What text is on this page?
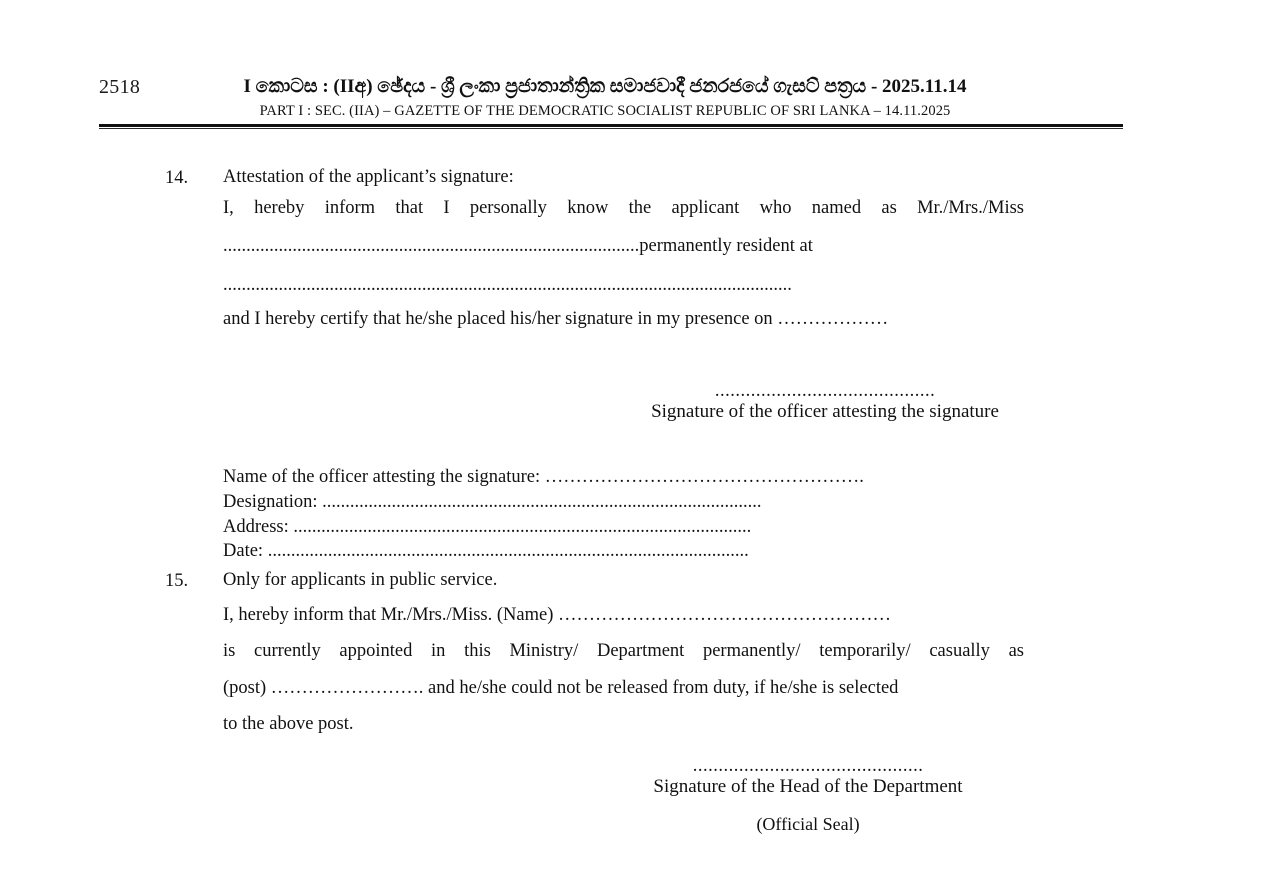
2518	I කොටස : (IIඅ) ඡේදය - ශ්‍රී ලංකා ප්‍රජාතාන්ත්‍රික සමාජවාදී ජනරජයේ ගැසට් පත්‍රය - 2025.11.14
PART I : SEC. (IIA) – GAZETTE OF THE DEMOCRATIC SOCIALIST REPUBLIC OF SRI LANKA – 14.11.2025
14. Attestation of the applicant’s signature:
I, hereby inform that I personally know the applicant who named as Mr./Mrs./Miss
..........................................................................................permanently resident at
...........................................................................................................................
and I hereby certify that he/she placed his/her signature in my presence on ………………
...........................................
Signature of the officer attesting the signature
Name of the officer attesting the signature: …………………………………………….
Designation: ...............................................................................................
Address: ...................................................................................................
Date: ........................................................................................................
15. Only for applicants in public service.
I, hereby inform that Mr./Mrs./Miss. (Name) ………………………………………………
is currently appointed in this Ministry/ Department permanently/ temporarily/ casually as
(post) ……………………. and he/she could not be released from duty, if he/she is selected
to the above post.
.............................................
Signature of the Head of the Department
(Official Seal)
